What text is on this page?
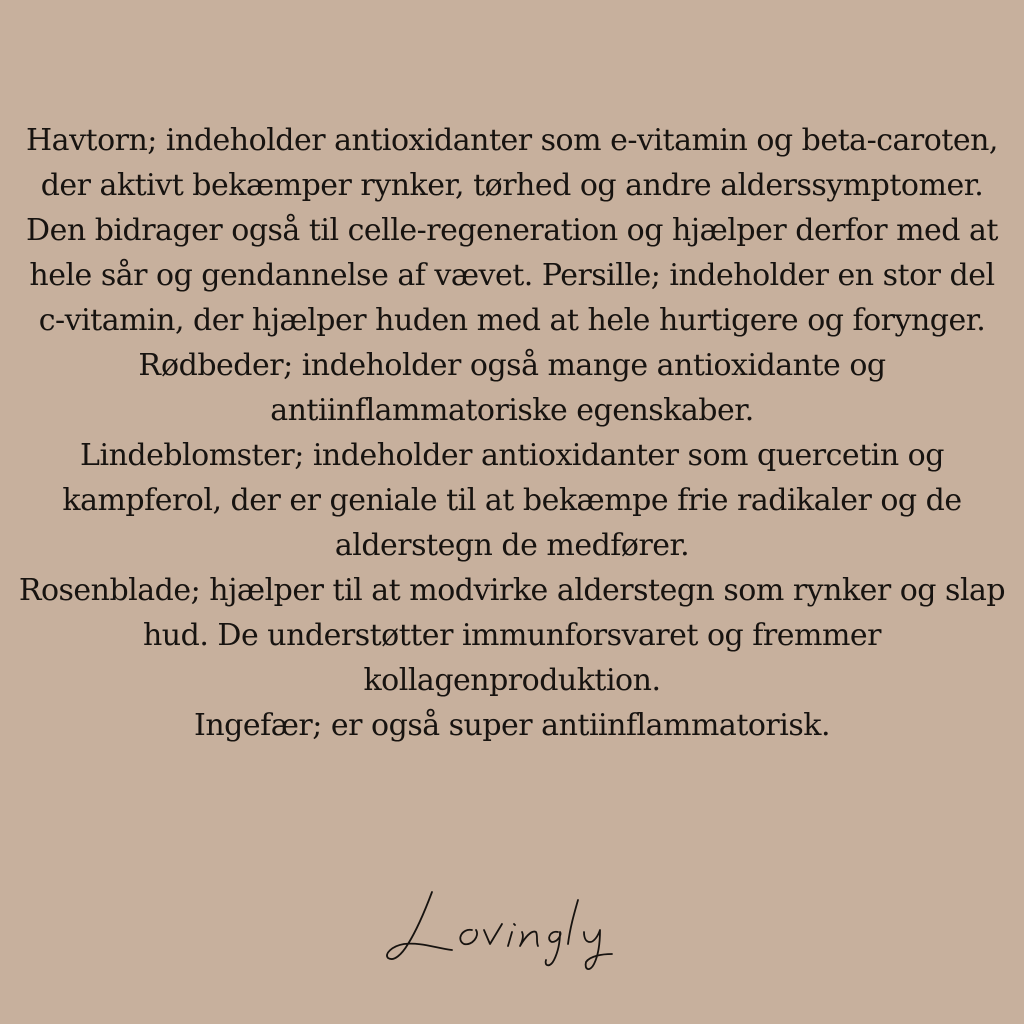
Havtorn; indeholder antioxidanter som e-vitamin og beta-caroten,
der aktivt bekæmper rynker, tørhed og andre alderssymptomer.
Den bidrager også til celle-regeneration og hjælper derfor med at
hele sår og gendannelse af vævet. Persille; indeholder en stor del
c-vitamin, der hjælper huden med at hele hurtigere og forynger.
Rødbeder; indeholder også mange antioxidante og
antiinflammatoriske egenskaber.
Lindeblomster; indeholder antioxidanter som quercetin og
kampferol, der er geniale til at bekæmpe frie radikaler og de
alderstegn de medfører.
Rosenblade; hjælper til at modvirke alderstegn som rynker og slap
hud. De understøtter immunforsvaret og fremmer
kollagenproduktion.
Ingefær; er også super antiinflammatorisk.
